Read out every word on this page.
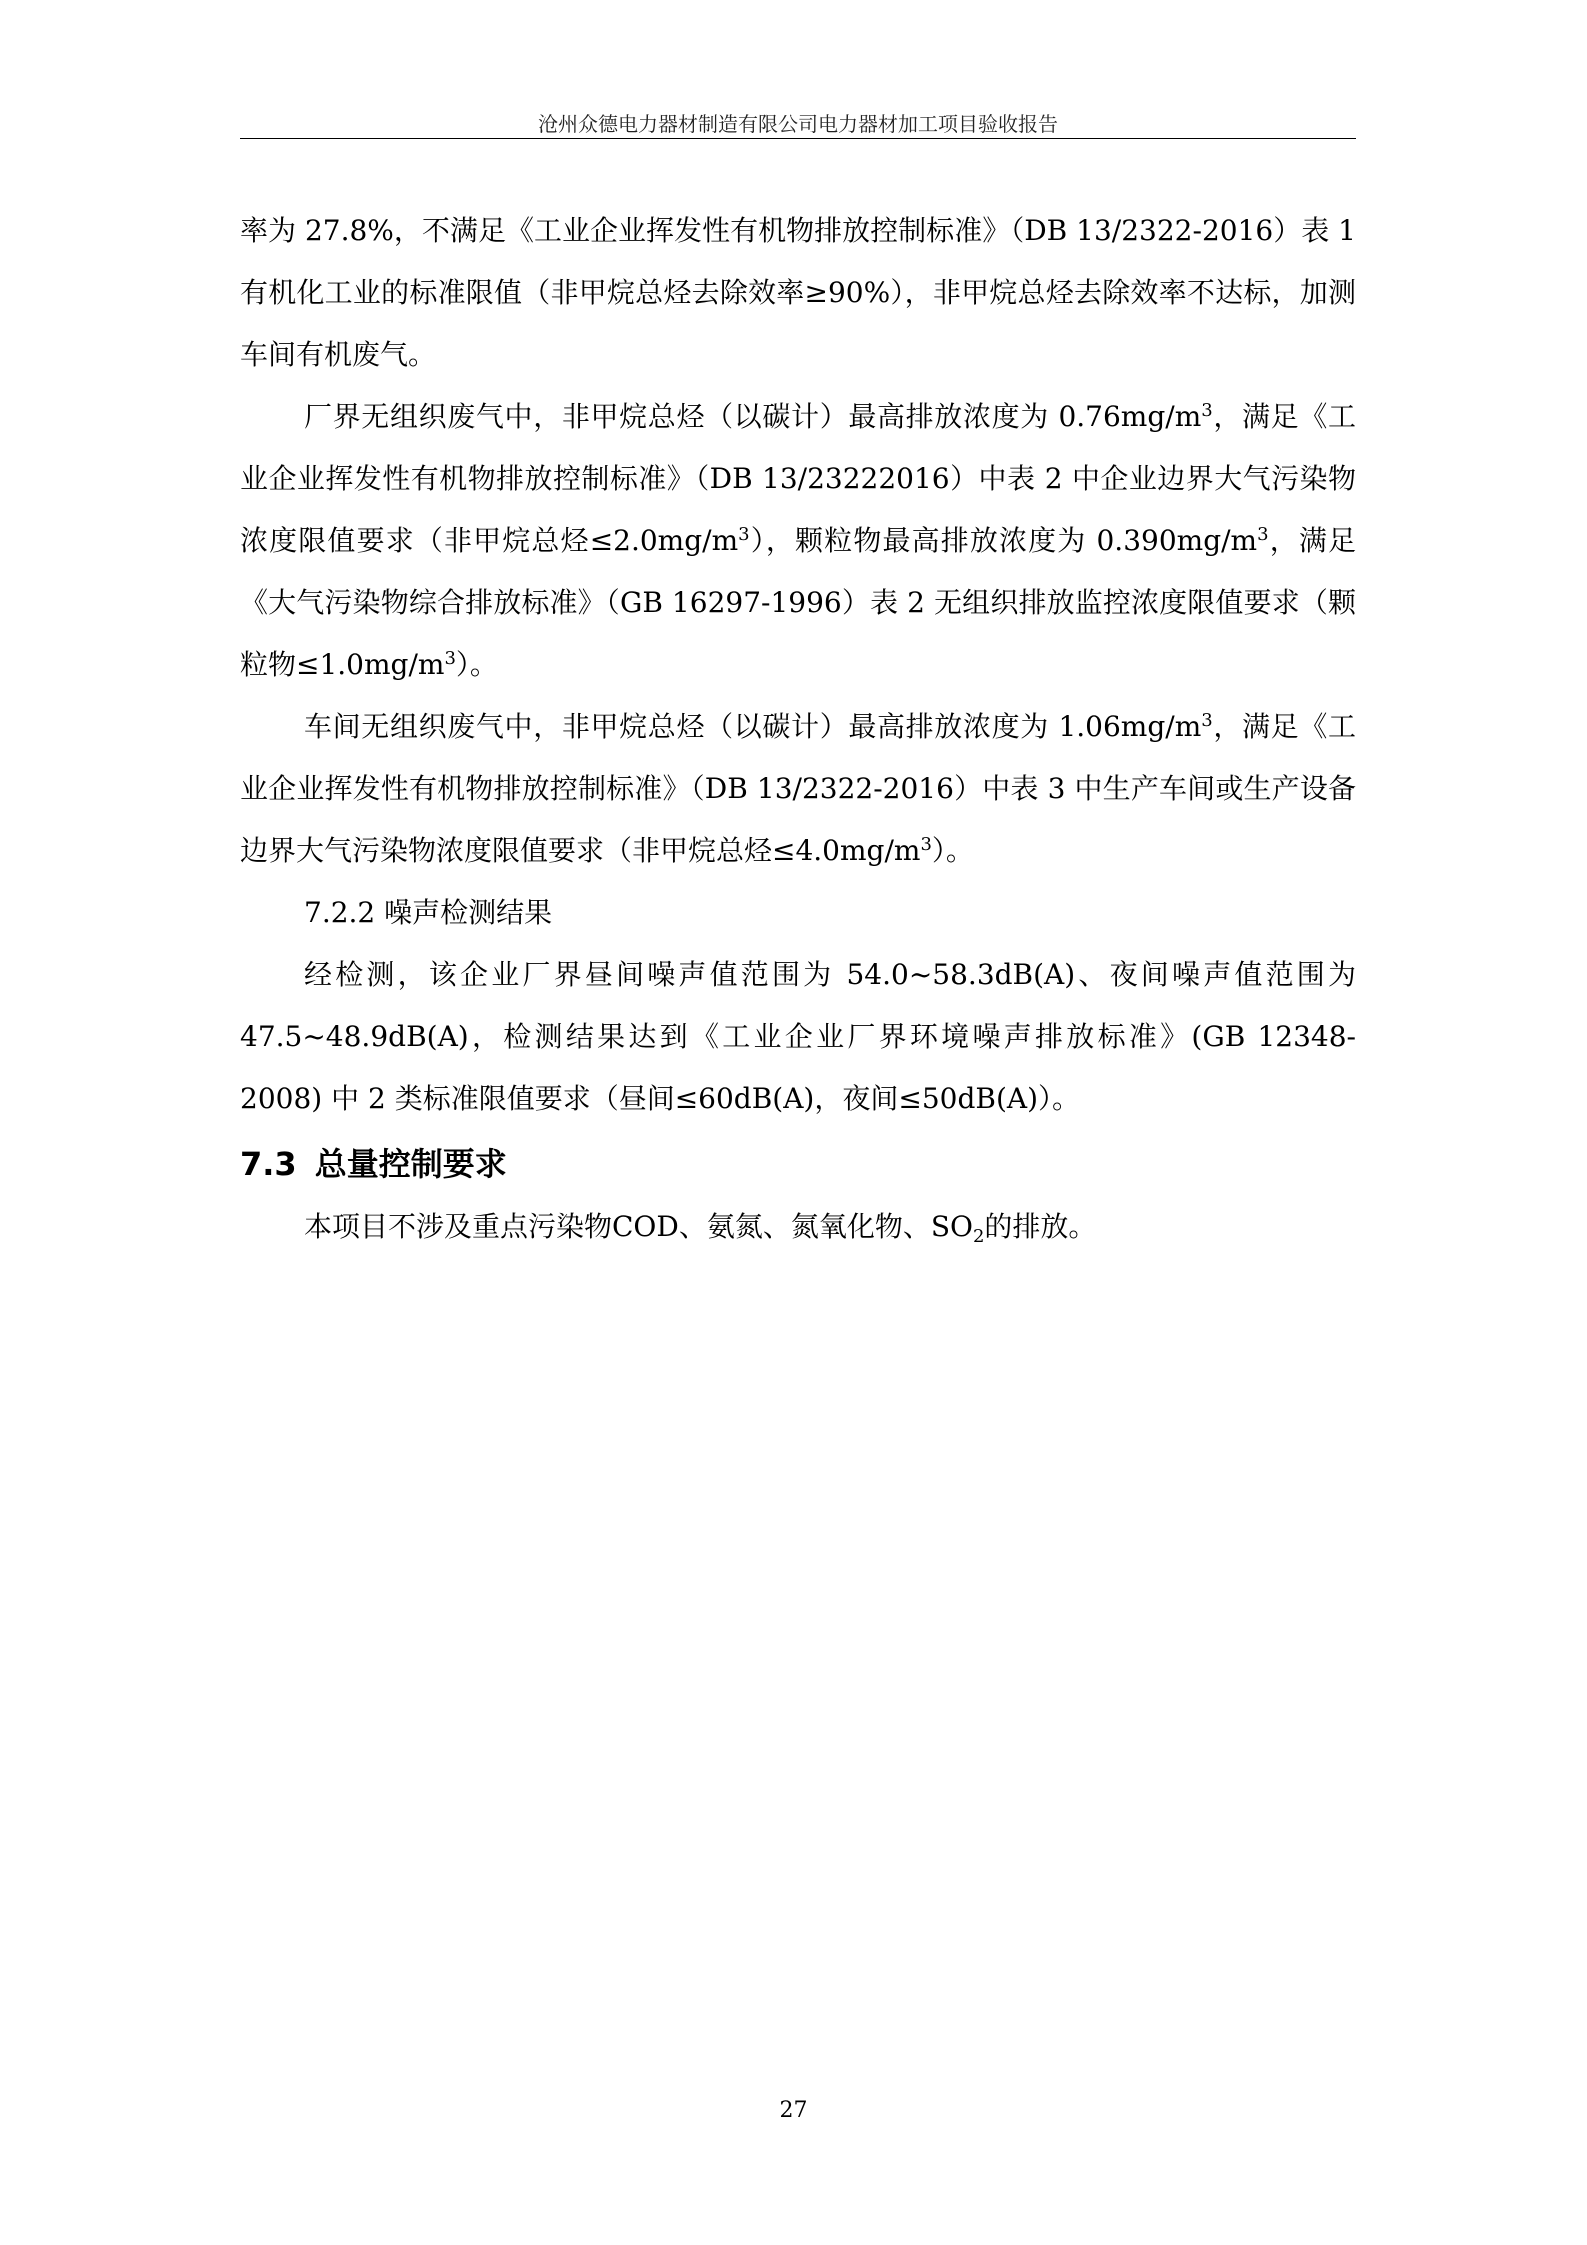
沧州众德电力器材制造有限公司电力器材加工项目验收报告

率为 27.8%，不满足《工业企业挥发性有机物排放控制标准》（DB 13/2322-2016）表 1 有机化工业的标准限值（非甲烷总烃去除效率≥90%），非甲烷总烃去除效率不达标，加测车间有机废气。

厂界无组织废气中，非甲烷总烃（以碳计）最高排放浓度为 $0.76mg/m^3$，满足《工业企业挥发性有机物排放控制标准》（DB 13/23222016）中表 2 中企业边界大气污染物浓度限值要求（非甲烷总烃$\le 2.0mg/m^3$），颗粒物最高排放浓度为 $0.390mg/m^3$，满足《大气污染物综合排放标准》（GB 16297-1996）表 2 无组织排放监控浓度限值要求（颗粒物$\le 1.0mg/m^3$）。

车间无组织废气中，非甲烷总烃（以碳计）最高排放浓度为 $1.06mg/m^3$，满足《工业企业挥发性有机物排放控制标准》（DB 13/2322-2016）中表 3 中生产车间或生产设备边界大气污染物浓度限值要求（非甲烷总烃$\le 4.0mg/m^3$）。

7.2.2 噪声检测结果

经检测，该企业厂界昼间噪声值范围为 54.0~58.3dB(A)、夜间噪声值范围为 47.5~48.9dB(A)，检测结果达到《工业企业厂界环境噪声排放标准》(GB 12348-2008) 中 2 类标准限值要求（昼间≤60dB(A)，夜间≤50dB(A)）。

7.3 总量控制要求

本项目不涉及重点污染物COD、氨氮、氮氧化物、$SO_2$的排放。

27
